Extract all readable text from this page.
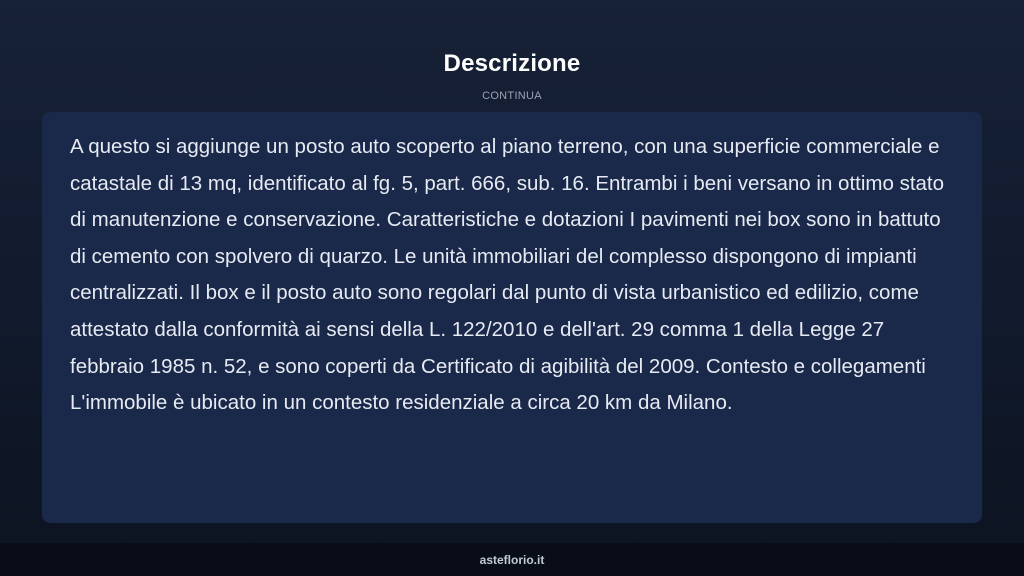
Descrizione
CONTINUA

A questo si aggiunge un posto auto scoperto al piano terreno, con una superficie commerciale e catastale di 13 mq, identificato al fg. 5, part. 666, sub. 16. Entrambi i beni versano in ottimo stato di manutenzione e conservazione. Caratteristiche e dotazioni I pavimenti nei box sono in battuto di cemento con spolvero di quarzo. Le unità immobiliari del complesso dispongono di impianti centralizzati. Il box e il posto auto sono regolari dal punto di vista urbanistico ed edilizio, come attestato dalla conformità ai sensi della L. 122/2010 e dell'art. 29 comma 1 della Legge 27 febbraio 1985 n. 52, e sono coperti da Certificato di agibilità del 2009. Contesto e collegamenti L'immobile è ubicato in un contesto residenziale a circa 20 km da Milano.

asteflorio.it
